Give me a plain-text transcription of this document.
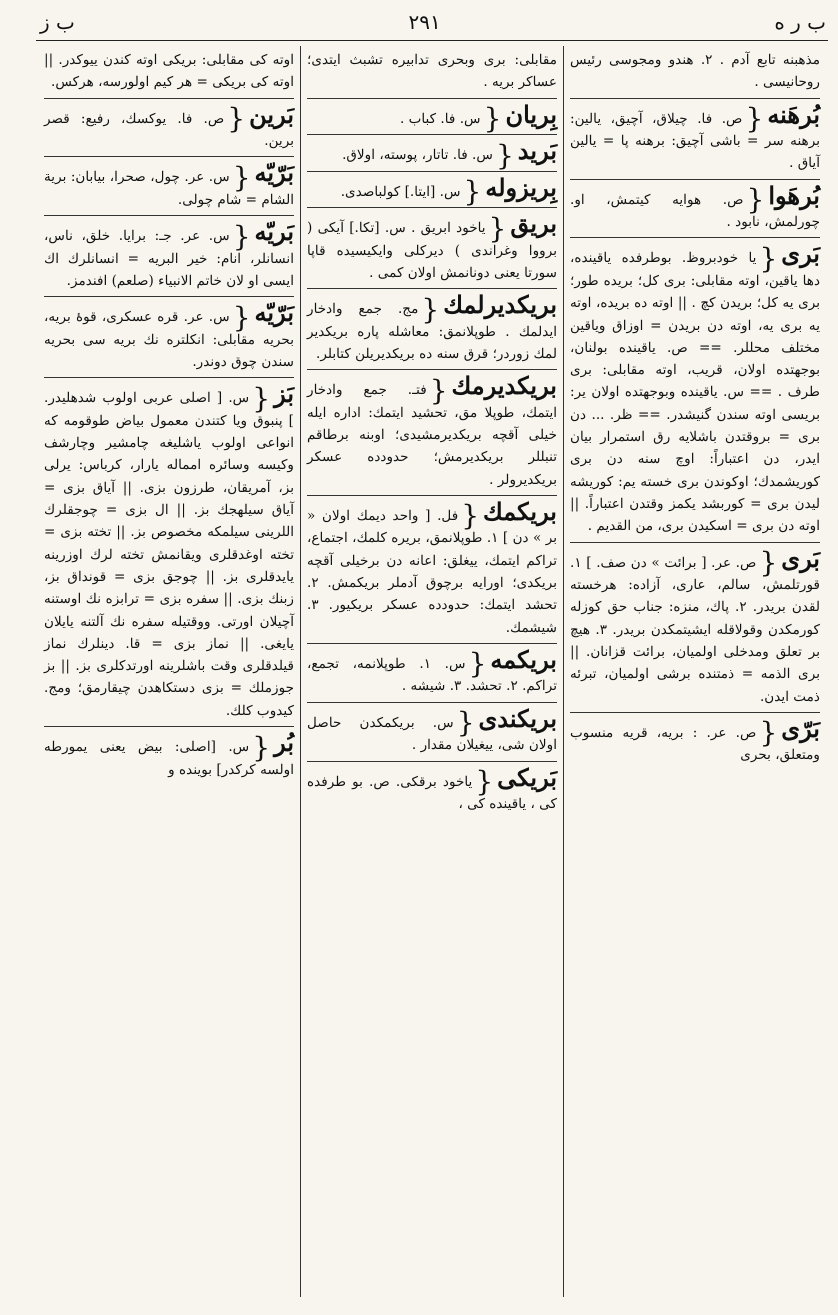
ب ر ه
٢٩١
ب ز

مذهبنه تابع آدم . ٢. هندو ومجوسی رئیس روحانیسی .

بُرهَنه{ص. فا. چیلاق، آچیق، یالین: برهنه سر = باشی آچیق: برهنه پا = یالین آیاق .

بُرهَوا{ص. هوایه کیتمش، او. چورلمش، نابود .

بَری{یا خودبروظ. بوطرفده یاقینده، دها یاقین، اوته مقابلی: بری کل؛ بریده طور؛ بری یه کل؛ بریدن کچ . || اوته ده بریده، اوته یه بری یه، اوته دن بریدن = اوزاق ویاقین مختلف محللر. == ص. یاقینده بولنان، بوجهتده اولان، قریب، اوته مقابلی: بری طرف . == س. یاقینده وبوجهتده اولان یر: بریسی اوته سندن گنیشدر. == ظر. ... دن بری = بروقتدن باشلایه رق استمرار بیان ایدر، دن اعتباراً: اوچ سنه دن بری کوریشمدك؛ اوکوندن بری خسته یم: کوریشه لیدن بری = کوربشد یکمز وقتدن اعتباراً. || اوته دن بری = اسکیدن بری، من القدیم .

بَری{ص. عر. [ برائت » دن صف. ] ١. قورتلمش، سالم، عاری، آزاده: هرخسته لقدن بریدر. ٢. پاك، منزه: جناب حق کوزله کورمکدن وقولاقله ایشیتمکدن بریدر. ٣. هیچ بر تعلق ومدخلی اولمیان، برائت قزانان. || بری الذمه = ذمتنده برشی اولمیان، تبرئه ذمت ایدن.

بَرّی{ص. عر. : بریه، قریه منسوب ومتعلق، بحری

مقابلی: بری وبحری تدابیره تشبث ایتدی؛ عساکر بریه .

بِریان{س. فا. کباب .

بَرید{س. فا. تاتار، پوسته، اولاق.

بِریزوله{س. [ایتا.] کولباصدی.

بریق{یاخود ابریق . س. [تکا.] آیکی ( برووا وغراندی ) دیرکلی وایکیسیده قاپا سورتا یعنی دونانمش اولان کمی .

بریکدیرلمك{مج. جمع وادخار ایدلمك . طوپلانمق: معاشله پاره بریکدیر لمك زوردر؛ قرق سنه ده بریکدیریلن کتابلر.

بریکدیرمك{فتـ. جمع وادخار ایتمك، طوپلا مق، تحشید ایتمك: اداره ایله خیلی آقچه بریکدیرمشیدی؛ اوبنه برطاقم تنبللر بریکدیرمش؛ حدودده عسکر بریکدیرولر .

بریکمك{فل. [ واحد دیمك اولان « بر » دن ] ١. طوپلانمق، بریره کلمك، اجتماع، تراکم ایتمك، ییغلق: اعانه دن برخیلی آقچه بریکدی؛ اورایه برچوق آدملر بریکمش. ٢. تحشد ایتمك: حدودده عسکر بریکیور. ٣. شیشمك.

بریکمه{س. ١. طوپلانمه، تجمع، تراکم. ٢. تحشد. ٣. شیشه .

بریکندی{س. بریکمکدن حاصل اولان شی، ییغیلان مقدار .

بَریکی{یاخود برقکی. ص. بو طرفده کی ، یاقینده کی ،

اوته کی مقابلی: بریکی اوته کندن ییوکدر. || اوته کی بریکی = هر کیم اولورسه، هرکس.

بَرین{ص. فا. یوکسك، رفیع: قصر برین.

بَرّیّه{س. عر. چول، صحرا، بیابان: بریة الشام = شام چولی.

بَریّه{س. عر. جـ: برایا. خلق، ناس، انسانلر، انام: خیر البریه = انسانلرك اك ایسی او لان خاتم الانبیاء (صلعم) افندمز.

بَرّیّه{س. عر. قره عسکری، قوهٔ بریه، بحریه مقابلی: انکلتره نك بریه سی بحریه سندن چوق دوندر.

بَز{س. [ اصلی عربی اولوب شدهلیدر. ] پنبوق ویا کتندن معمول بیاض طوقومه که انواعی اولوب یاشلیغه چامشیر وچارشف وکیسه وسائره امماله یارار، کرباس: یرلی بز، آمریقان، طرزون بزی. || آیاق بزی = آیاق سیلهجك بز. || ال بزی = چوجقلرك اللرینی سیلمکه مخصوص بز. || تخته بزی = تخته اوغدقلری ویقانمش تخته لرك اوزرینه یایدقلری بز. || چوجق بزی = قونداق بز، زبنك بزی. || سفره بزی = ترابزه نك اوستنه آچیلان اورتی. ووقتیله سفره نك آلتنه یایلان یایغی. || نماز بزی = قا. دینلرك نماز قیلدقلری وقت باشلرینه اورتدکلری بز. || بز جوزملك = بزی دستکاهدن چیقارمق؛ ومج. کیدوب کلك.

بُر{س. [اصلی: بیض یعنی یمورطه اولسه کرکدر] بوینده و
